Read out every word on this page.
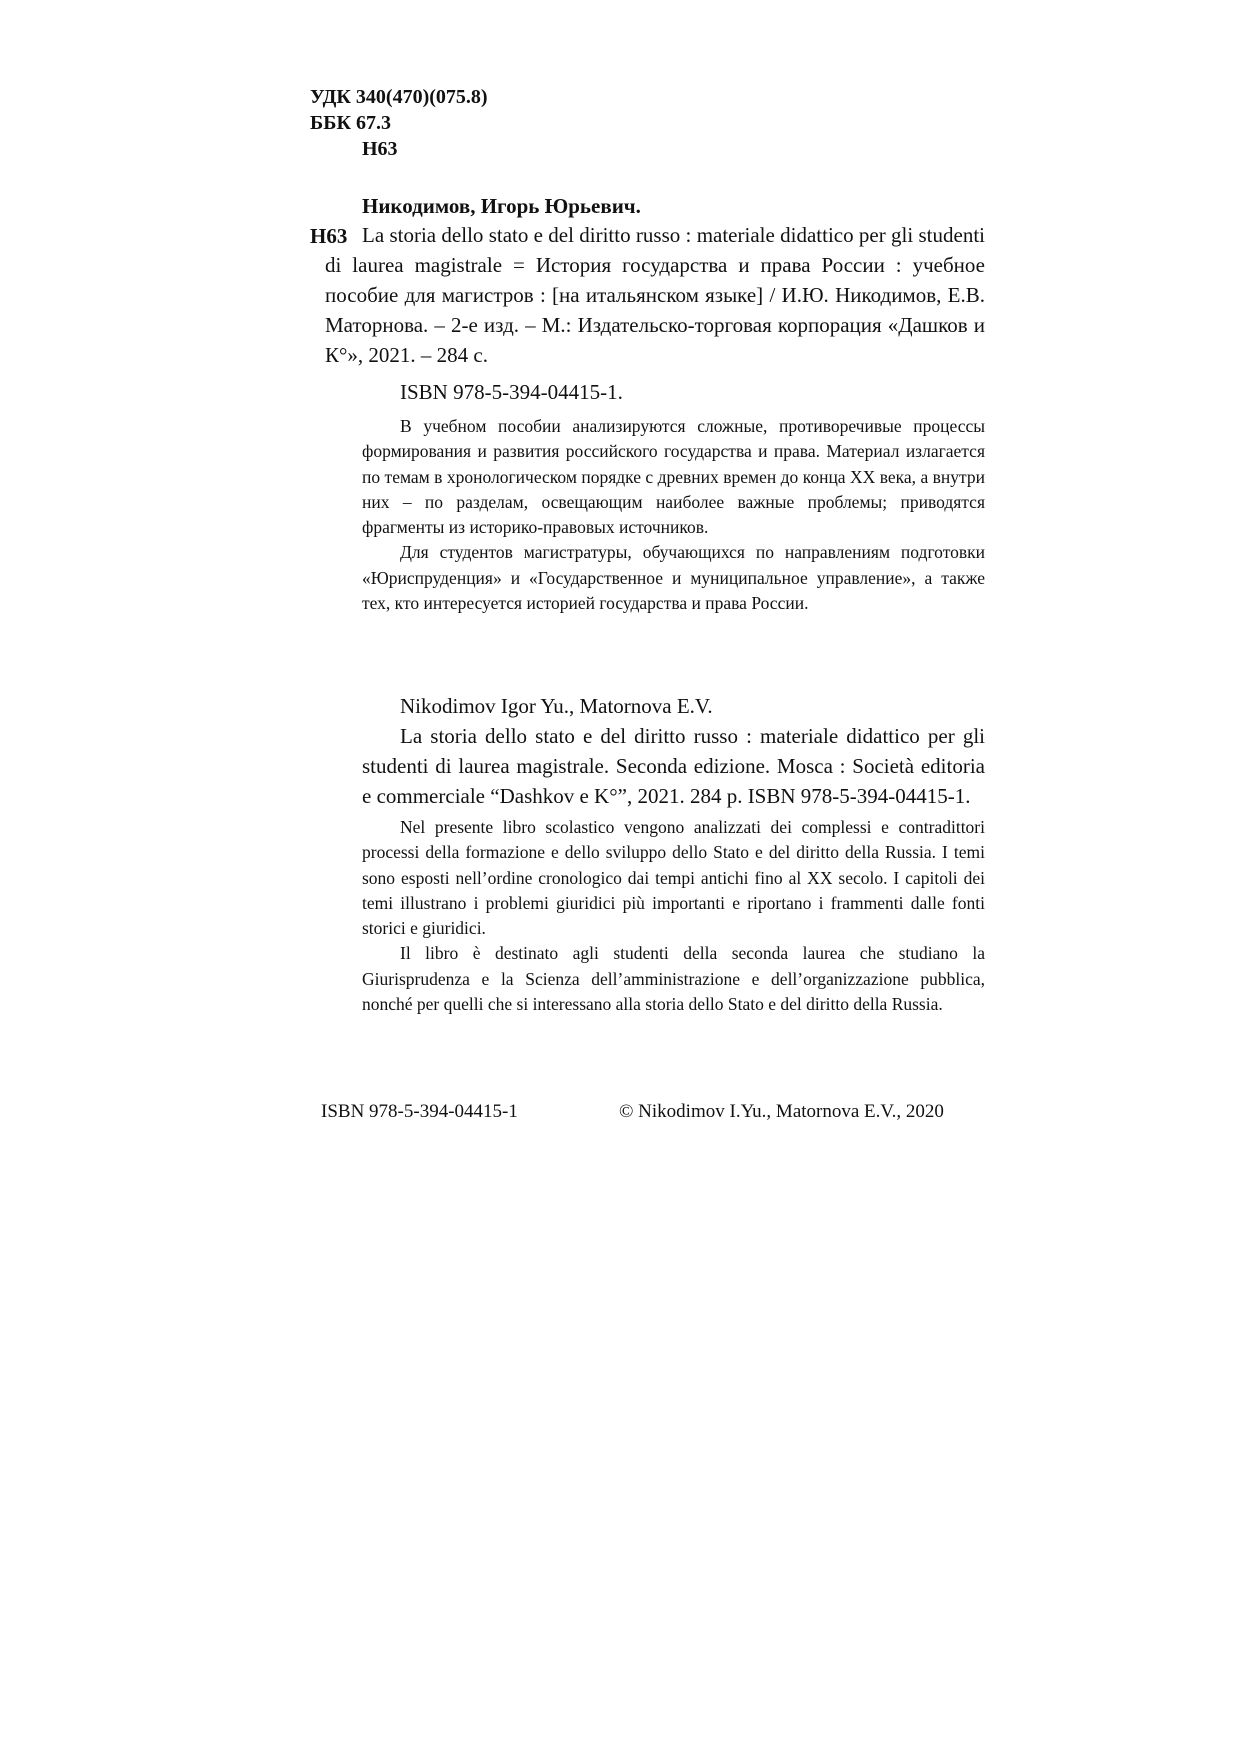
УДК 340(470)(075.8)
ББК 67.3
Н63
Никодимов, Игорь Юрьевич.
Н63 La storia dello stato e del diritto russo : materiale didattico per gli studenti di laurea magistrale = История государства и права России : учебное пособие для магистров : [на итальянском языке] / И.Ю. Никодимов, Е.В. Маторнова. – 2-е изд. – М.: Издательско-торговая корпорация «Дашков и К°», 2021. – 284 с.
ISBN 978-5-394-04415-1.

В учебном пособии анализируются сложные, противоречивые процессы формирования и развития российского государства и права. Материал излагается по темам в хронологическом порядке с древних времен до конца XX века, а внутри них – по разделам, освещающим наиболее важные проблемы; приводятся фрагменты из историко-правовых источников.

Для студентов магистратуры, обучающихся по направлениям подготовки «Юриспруденция» и «Государственное и муниципальное управление», а также тех, кто интересуется историей государства и права России.

Nikodimov Igor Yu., Matornova E.V.

La storia dello stato e del diritto russo : materiale didattico per gli studenti di laurea magistrale. Seconda edizione. Mosca : Società editoria e commerciale “Dashkov e K°”, 2021. 284 p. ISBN 978-5-394-04415-1.

Nel presente libro scolastico vengono analizzati dei complessi e contradittori processi della formazione e dello sviluppo dello Stato e del diritto della Russia. I temi sono esposti nell’ordine cronologico dai tempi antichi fino al XX secolo. I capitoli dei temi illustrano i problemi giuridici più importanti e riportano i frammenti dalle fonti storici e giuridici.

Il libro è destinato agli studenti della seconda laurea che studiano la Giurisprudenza e la Scienza dell’amministrazione e dell’organizzazione pubblica, nonché per quelli che si interessano alla storia dello Stato e del diritto della Russia.

ISBN 978-5-394-04415-1	© Nikodimov I.Yu., Matornova E.V., 2020
